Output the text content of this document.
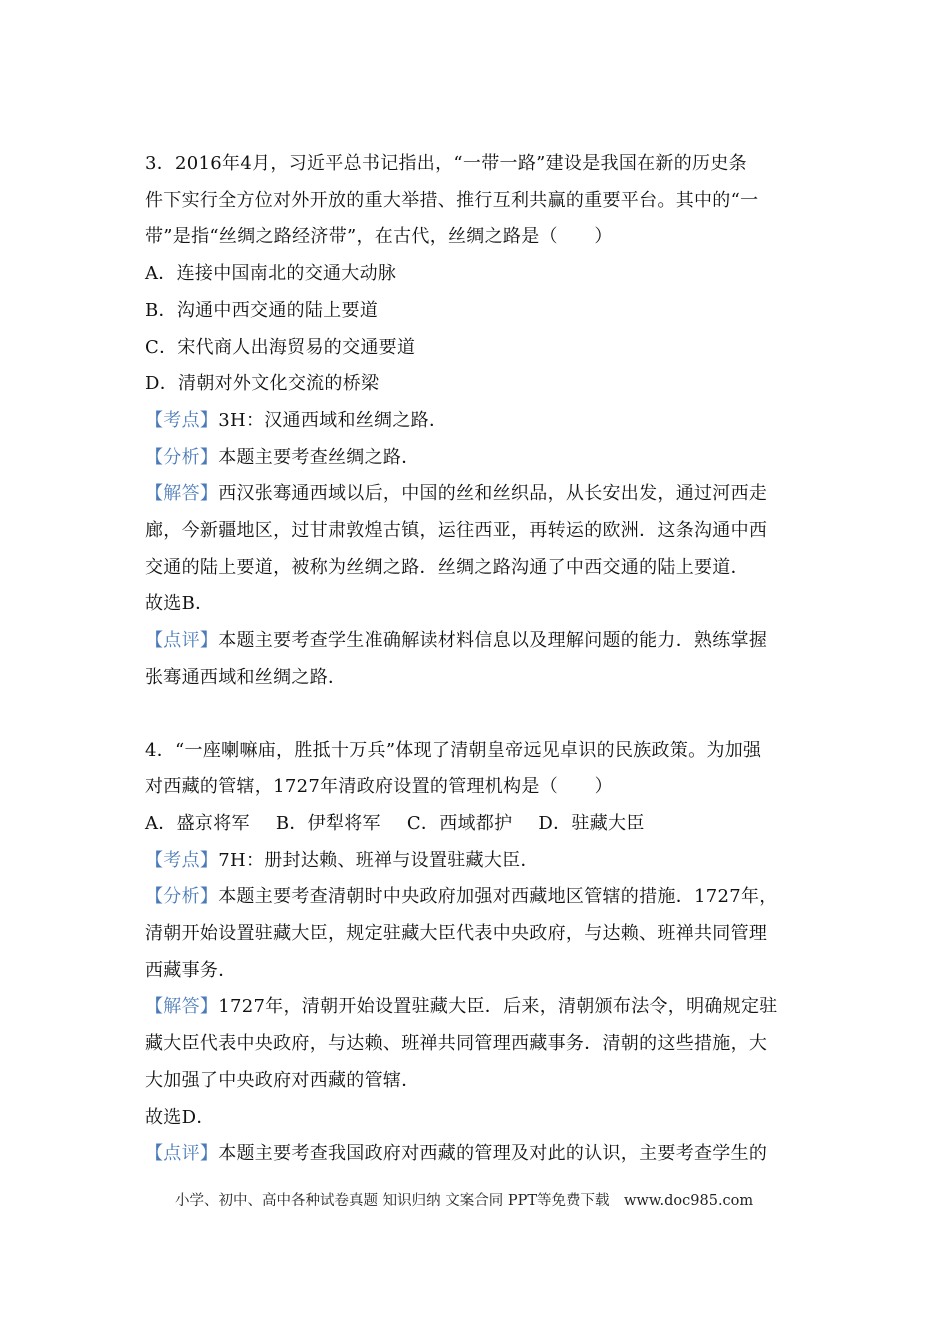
3．2016年4月，习近平总书记指出，“一带一路”建设是我国在新的历史条
件下实行全方位对外开放的重大举措、推行互利共赢的重要平台。其中的“一
带”是指“丝绸之路经济带”，在古代，丝绸之路是（　　）
A．连接中国南北的交通大动脉
B．沟通中西交通的陆上要道
C．宋代商人出海贸易的交通要道
D．清朝对外文化交流的桥梁
【考点】3H：汉通西域和丝绸之路．
【分析】本题主要考查丝绸之路．
【解答】西汉张骞通西域以后，中国的丝和丝织品，从长安出发，通过河西走
廊，今新疆地区，过甘肃敦煌古镇，运往西亚，再转运的欧洲．这条沟通中西
交通的陆上要道，被称为丝绸之路．丝绸之路沟通了中西交通的陆上要道．
故选B．
【点评】本题主要考查学生准确解读材料信息以及理解问题的能力．熟练掌握
张骞通西域和丝绸之路．
4．“一座喇嘛庙，胜抵十万兵”体现了清朝皇帝远见卓识的民族政策。为加强
对西藏的管辖，1727年清政府设置的管理机构是（　　）
A．盛京将军 B．伊犁将军 C．西域都护 D．驻藏大臣
【考点】7H：册封达赖、班禅与设置驻藏大臣．
【分析】本题主要考查清朝时中央政府加强对西藏地区管辖的措施．1727年，
清朝开始设置驻藏大臣，规定驻藏大臣代表中央政府，与达赖、班禅共同管理
西藏事务．
【解答】1727年，清朝开始设置驻藏大臣．后来，清朝颁布法令，明确规定驻
藏大臣代表中央政府，与达赖、班禅共同管理西藏事务．清朝的这些措施，大
大加强了中央政府对西藏的管辖．
故选D．
【点评】本题主要考查我国政府对西藏的管理及对此的认识，主要考查学生的
小学、初中、高中各种试卷真题 知识归纳 文案合同 PPT等免费下载　www.doc985.com
